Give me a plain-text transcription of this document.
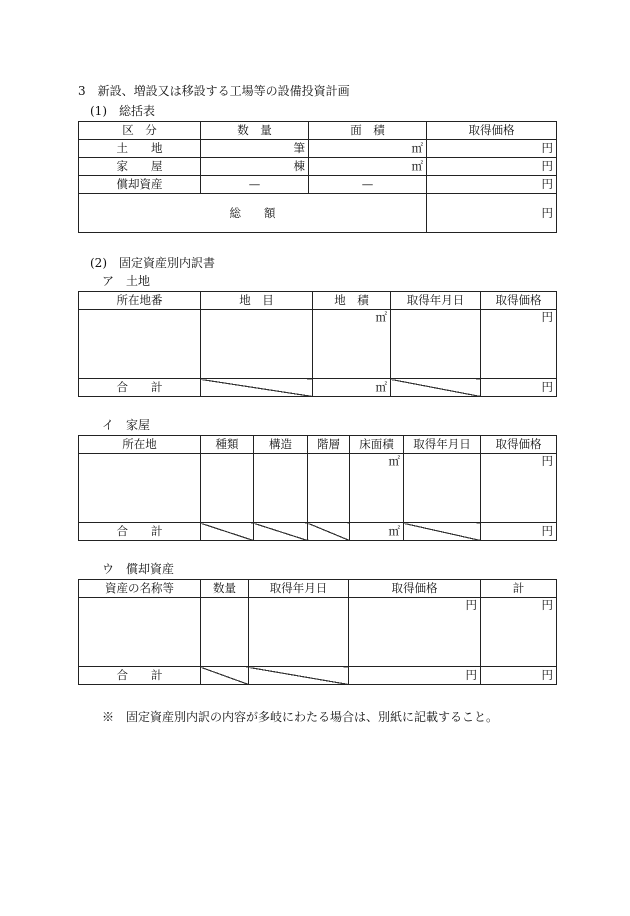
3　新設、増設又は移設する工場等の設備投資計画
(1)　総括表
区　分	数　量	面　積	取得価格
土　　地	筆	㎡	円
家　　屋	棟	㎡	円
償却資産	—	—	円
総　　額			円
(2)　固定資産別内訳書
ア　土地
所在地番	地　目	地　積	取得年月日	取得価格
		㎡		円
合　　計		㎡		円
イ　家屋
所在地	種類	構造	階層	床面積	取得年月日	取得価格
				㎡		円
合　　計				㎡		円
ウ　償却資産
資産の名称等	数量	取得年月日	取得価格	計
			円	円
合　　計			円	円
※　固定資産別内訳の内容が多岐にわたる場合は、別紙に記載すること。
